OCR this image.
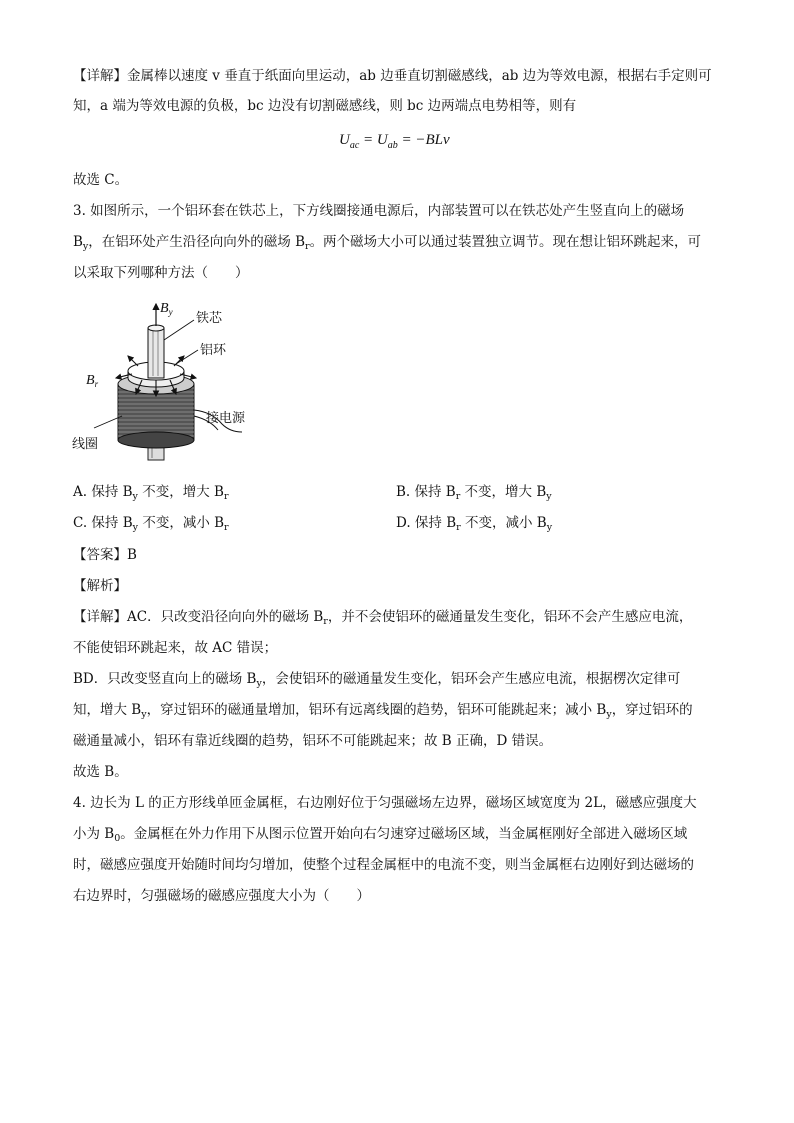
【详解】金属棒以速度 v 垂直于纸面向里运动，ab 边垂直切割磁感线，ab 边为等效电源，根据右手定则可
知，a 端为等效电源的负极，bc 边没有切割磁感线，则 bc 边两端点电势相等，则有
$U_{ac} = U_{ab} = -BLv$
故选 C。
3. 如图所示，一个铝环套在铁芯上，下方线圈接通电源后，内部装置可以在铁芯处产生竖直向上的磁场
$B_y$，在铝环处产生沿径向向外的磁场 $B_r$。两个磁场大小可以通过装置独立调节。现在想让铝环跳起来，可
以采取下列哪种方法（　　）
$B_y$ 铁芯
铝环
$B_r$
接电源
线圈
A. 保持 $B_y$ 不变，增大 $B_r$	B. 保持 $B_r$ 不变，增大 $B_y$
C. 保持 $B_y$ 不变，减小 $B_r$	D. 保持 $B_r$ 不变，减小 $B_y$
【答案】B
【解析】
【详解】AC．只改变沿径向向外的磁场 $B_r$，并不会使铝环的磁通量发生变化，铝环不会产生感应电流，
不能使铝环跳起来，故 AC 错误；
BD．只改变竖直向上的磁场 $B_y$，会使铝环的磁通量发生变化，铝环会产生感应电流，根据楞次定律可
知，增大 $B_y$，穿过铝环的磁通量增加，铝环有远离线圈的趋势，铝环可能跳起来；减小 $B_y$，穿过铝环的
磁通量减小，铝环有靠近线圈的趋势，铝环不可能跳起来；故 B 正确，D 错误。
故选 B。
4. 边长为 L 的正方形线单匝金属框，右边刚好位于匀强磁场左边界，磁场区域宽度为 2L，磁感应强度大
小为 $B_0$。金属框在外力作用下从图示位置开始向右匀速穿过磁场区域，当金属框刚好全部进入磁场区域
时，磁感应强度开始随时间均匀增加，使整个过程金属框中的电流不变，则当金属框右边刚好到达磁场的
右边界时，匀强磁场的磁感应强度大小为（　　）
